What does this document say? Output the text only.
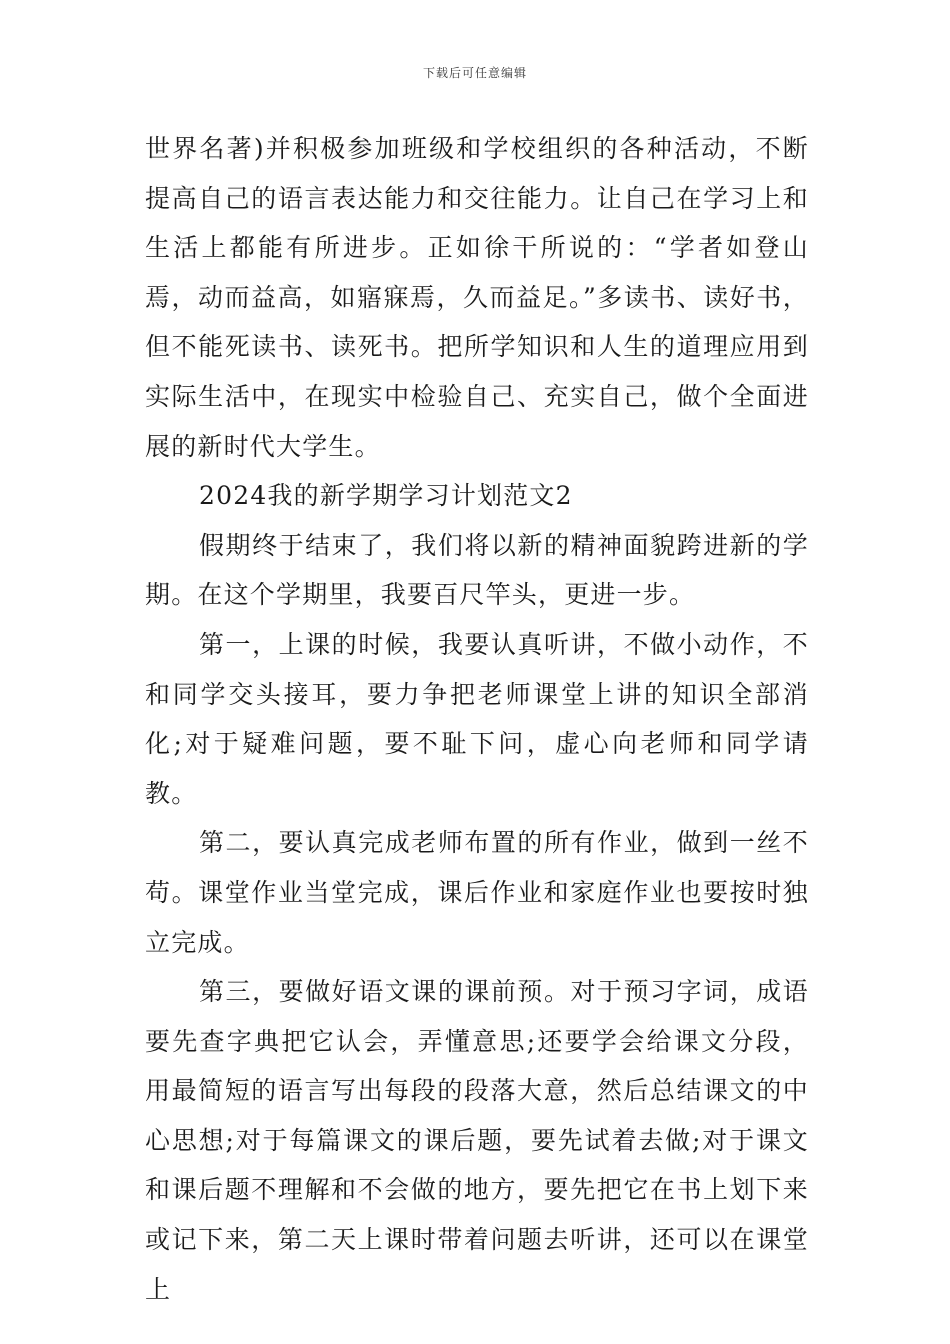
下载后可任意编辑

世界名著)并积极参加班级和学校组织的各种活动，不断提高自己的语言表达能力和交往能力。让自己在学习上和生活上都能有所进步。正如徐干所说的：“学者如登山焉，动而益高，如寤寐焉，久而益足。”多读书、读好书，但不能死读书、读死书。把所学知识和人生的道理应用到实际生活中，在现实中检验自己、充实自己，做个全面进展的新时代大学生。

2024我的新学期学习计划范文2

假期终于结束了，我们将以新的精神面貌跨进新的学期。在这个学期里，我要百尺竿头，更进一步。

第一，上课的时候，我要认真听讲，不做小动作，不和同学交头接耳，要力争把老师课堂上讲的知识全部消化;对于疑难问题，要不耻下问，虚心向老师和同学请教。

第二，要认真完成老师布置的所有作业，做到一丝不苟。课堂作业当堂完成，课后作业和家庭作业也要按时独立完成。

第三，要做好语文课的课前预。对于预习字词，成语要先查字典把它认会，弄懂意思;还要学会给课文分段，用最简短的语言写出每段的段落大意，然后总结课文的中心思想;对于每篇课文的课后题，要先试着去做;对于课文和课后题不理解和不会做的地方，要先把它在书上划下来或记下来，第二天上课时带着问题去听讲，还可以在课堂上
